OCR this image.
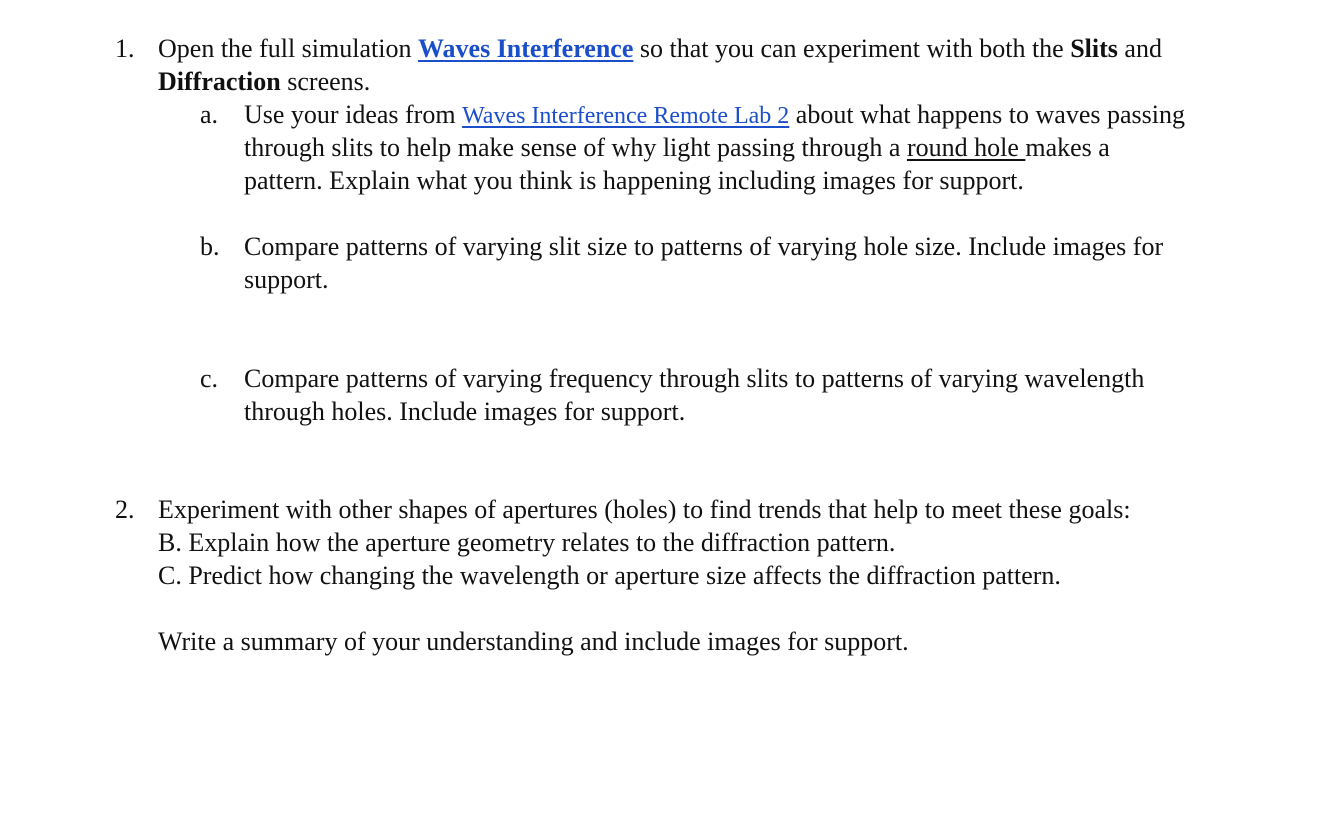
1. Open the full simulation Waves Interference so that you can experiment with both the Slits and
Diffraction screens.
a. Use your ideas from Waves Interference Remote Lab 2 about what happens to waves passing
through slits to help make sense of why light passing through a round hole makes a
pattern. Explain what you think is happening including images for support.
b. Compare patterns of varying slit size to patterns of varying hole size. Include images for
support.
c. Compare patterns of varying frequency through slits to patterns of varying wavelength
through holes. Include images for support.
2. Experiment with other shapes of apertures (holes) to find trends that help to meet these goals:
B. Explain how the aperture geometry relates to the diffraction pattern.
C. Predict how changing the wavelength or aperture size affects the diffraction pattern.
Write a summary of your understanding and include images for support.
